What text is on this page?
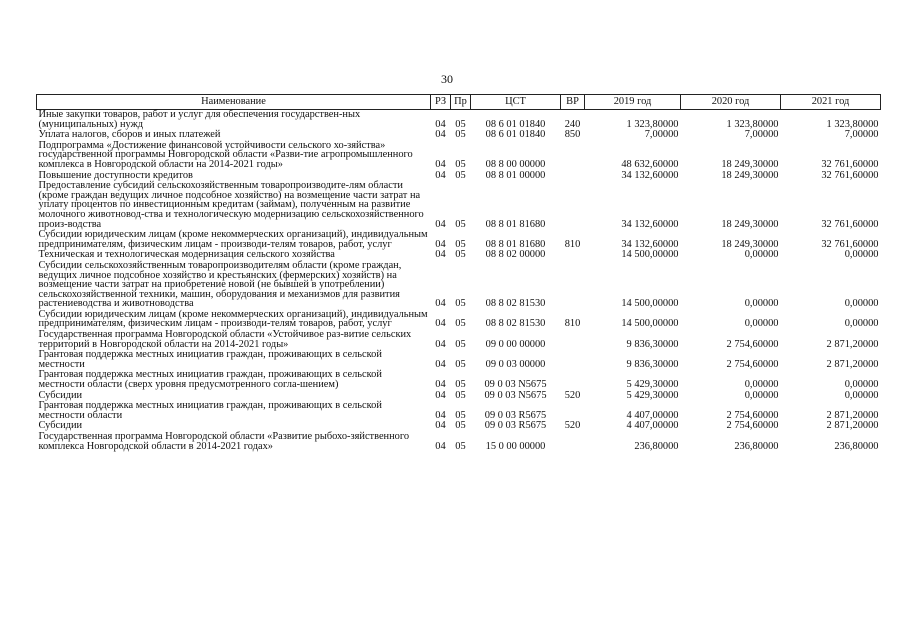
30
Наименование	РЗ	Пр	ЦСТ	ВР	2019 год	2020 год	2021 год
Иные закупки товаров, работ и услуг для обеспечения государствен-ных (муниципальных) нужд	04	05	08 6 01 01840	240	1 323,80000	1 323,80000	1 323,80000
Уплата налогов, сборов и иных платежей	04	05	08 6 01 01840	850	7,00000	7,00000	7,00000
Подпрограмма «Достижение финансовой устойчивости сельского хо-зяйства» государственной программы Новгородской области «Разви-тие агропромышленного комплекса в Новгородской области на 2014-2021 годы»	04	05	08 8 00 00000		48 632,60000	18 249,30000	32 761,60000
Повышение доступности кредитов	04	05	08 8 01 00000		34 132,60000	18 249,30000	32 761,60000
Предоставление субсидий сельскохозяйственным товаропроизводите-лям области (кроме граждан ведущих личное подсобное хозяйство) на возмещение части затрат на уплату процентов по инвестиционным кредитам (займам), полученным на развитие молочного животновод-ства и технологическую модернизацию сельскохозяйственного произ-водства	04	05	08 8 01 81680		34 132,60000	18 249,30000	32 761,60000
Субсидии юридическим лицам (кроме некоммерческих организаций), индивидуальным предпринимателям, физическим лицам - производи-телям товаров, работ, услуг	04	05	08 8 01 81680	810	34 132,60000	18 249,30000	32 761,60000
Техническая и технологическая модернизация сельского хозяйства	04	05	08 8 02 00000		14 500,00000	0,00000	0,00000
Субсидии сельскохозяйственным товаропроизводителям области (кроме граждан, ведущих личное подсобное хозяйство и крестьянских (фермерских) хозяйств) на возмещение части затрат на приобретение новой (не бывшей в употреблении) сельскохозяйственной техники, машин, оборудования и механизмов для развития растениеводства и животноводства	04	05	08 8 02 81530		14 500,00000	0,00000	0,00000
Субсидии юридическим лицам (кроме некоммерческих организаций), индивидуальным предпринимателям, физическим лицам - производи-телям товаров, работ, услуг	04	05	08 8 02 81530	810	14 500,00000	0,00000	0,00000
Государственная программа Новгородской области «Устойчивое раз-витие сельских территорий в Новгородской области на 2014-2021 годы»	04	05	09 0 00 00000		9 836,30000	2 754,60000	2 871,20000
Грантовая поддержка местных инициатив граждан, проживающих в сельской местности	04	05	09 0 03 00000		9 836,30000	2 754,60000	2 871,20000
Грантовая поддержка местных инициатив граждан, проживающих в сельской местности области (сверх уровня предусмотренного согла-шением)	04	05	09 0 03 N5675		5 429,30000	0,00000	0,00000
Субсидии	04	05	09 0 03 N5675	520	5 429,30000	0,00000	0,00000
Грантовая поддержка местных инициатив граждан, проживающих в сельской местности области	04	05	09 0 03 R5675		4 407,00000	2 754,60000	2 871,20000
Субсидии	04	05	09 0 03 R5675	520	4 407,00000	2 754,60000	2 871,20000
Государственная программа Новгородской области «Развитие рыбохо-зяйственного комплекса Новгородской области в 2014-2021 годах»	04	05	15 0 00 00000		236,80000	236,80000	236,80000
